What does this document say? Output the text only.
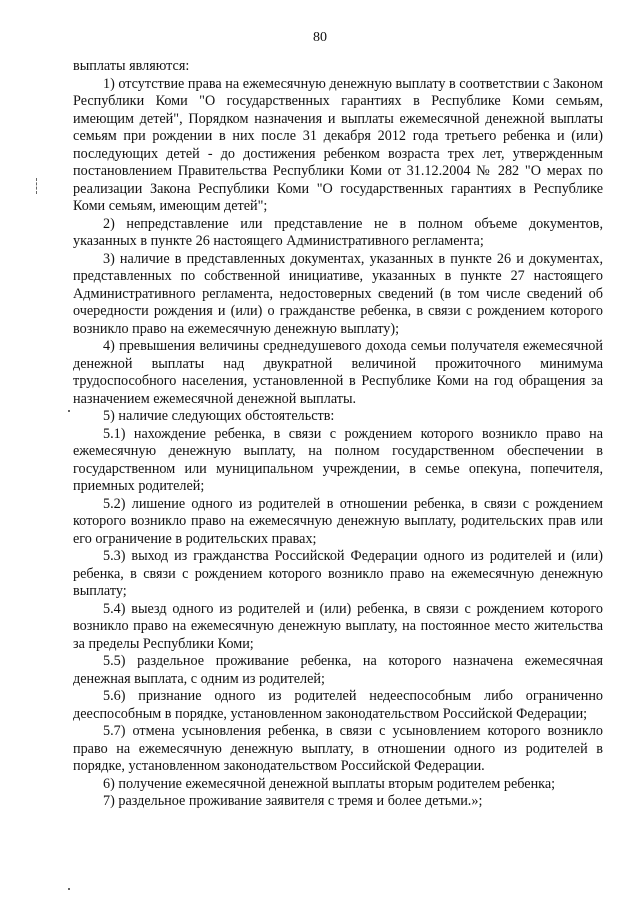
80

выплаты являются:

1) отсутствие права на ежемесячную денежную выплату в соответствии с Законом Республики Коми "О государственных гарантиях в Республике Коми семьям, имеющим детей", Порядком назначения и выплаты ежемесячной денежной выплаты семьям при рождении в них после 31 декабря 2012 года третьего ребенка и (или) последующих детей - до достижения ребенком возраста трех лет, утвержденным постановлением Правительства Республики Коми от 31.12.2004 № 282 "О мерах по реализации Закона Республики Коми "О государственных гарантиях в Республике Коми семьям, имеющим детей";

2) непредставление или представление не в полном объеме документов, указанных в пункте 26 настоящего Административного регламента;

3) наличие в представленных документах, указанных в пункте 26 и документах, представленных по собственной инициативе, указанных в пункте 27 настоящего Административного регламента, недостоверных сведений (в том числе сведений об очередности рождения и (или) о гражданстве ребенка, в связи с рождением которого возникло право на ежемесячную денежную выплату);

4) превышения величины среднедушевого дохода семьи получателя ежемесячной денежной выплаты над двукратной величиной прожиточного минимума трудоспособного населения, установленной в Республике Коми на год обращения за назначением ежемесячной денежной выплаты.

5) наличие следующих обстоятельств:

5.1) нахождение ребенка, в связи с рождением которого возникло право на ежемесячную денежную выплату, на полном государственном обеспечении в государственном или муниципальном учреждении, в семье опекуна, попечителя, приемных родителей;

5.2) лишение одного из родителей в отношении ребенка, в связи с рождением которого возникло право на ежемесячную денежную выплату, родительских прав или его ограничение в родительских правах;

5.3) выход из гражданства Российской Федерации одного из родителей и (или) ребенка, в связи с рождением которого возникло право на ежемесячную денежную выплату;

5.4) выезд одного из родителей и (или) ребенка, в связи с рождением которого возникло право на ежемесячную денежную выплату, на постоянное место жительства за пределы Республики Коми;

5.5) раздельное проживание ребенка, на которого назначена ежемесячная денежная выплата, с одним из родителей;

5.6) признание одного из родителей недееспособным либо ограниченно дееспособным в порядке, установленном законодательством Российской Федерации;

5.7) отмена усыновления ребенка, в связи с усыновлением которого возникло право на ежемесячную денежную выплату, в отношении одного из родителей в порядке, установленном законодательством Российской Федерации.

6) получение ежемесячной денежной выплаты вторым родителем ребенка;

7) раздельное проживание заявителя с тремя и более детьми.»;
